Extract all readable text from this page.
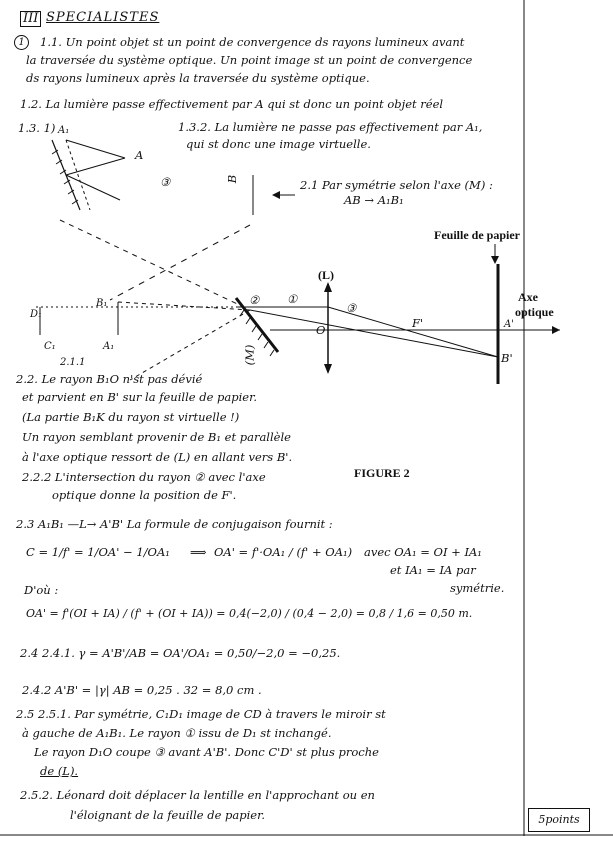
III SPECIALISTES
1	1.1. Un point objet st un point de convergence ds rayons lumineux avant
la traversée du système optique. Un point image st un point de convergence
ds rayons lumineux après la traversée du système optique.
1.2. La lumière passe effectivement par A qui st donc un point objet réel
1.3. 1)	1.3.2. La lumière ne passe pas effectivement par A₁,
qui st donc une image virtuelle.
2.1 Par symétrie selon l'axe (M) :
AB → A₁B₁
A₁
A
③	B
Feuille de papier
(L)
Axe
optique
B₁
D₁
C₁	A₁
O	F'	A'
B'
(M)
①
②
③
2.1.1
FIGURE 2
2.2. Le rayon B₁O n'st pas dévié
et parvient en B' sur la feuille de papier.
(La partie B₁K du rayon st virtuelle !)
Un rayon semblant provenir de B₁ et parallèle
à l'axe optique ressort de (L) en allant vers B'.
2.2.2 L'intersection du rayon ② avec l'axe
optique donne la position de F'.
2.3 A₁B₁ —L→ A'B' La formule de conjugaison fournit :
C = 1/f' = 1/OA' − 1/OA₁ ⟹ OA' = f'·OA₁ / (f' + OA₁) avec OA₁ = OI + IA₁
et IA₁ = IA par
symétrie.
D'où :
OA' = f'(OI + IA) / (f' + (OI + IA)) = 0,4(−2,0) / (0,4 − 2,0) = 0,8 / 1,6 = 0,50 m.
2.4 2.4.1. γ = A'B'/AB = OA'/OA₁ = 0,50/−2,0 = −0,25.
2.4.2 A'B' = |γ| AB = 0,25 . 32 = 8,0 cm .
2.5 2.5.1. Par symétrie, C₁D₁ image de CD à travers le miroir st
à gauche de A₁B₁. Le rayon ① issu de D₁ st inchangé.
Le rayon D₁O coupe ③ avant A'B'. Donc C'D' st plus proche
de (L).
2.5.2. Léonard doit déplacer la lentille en l'approchant ou en
l'éloignant de la feuille de papier.	5points
